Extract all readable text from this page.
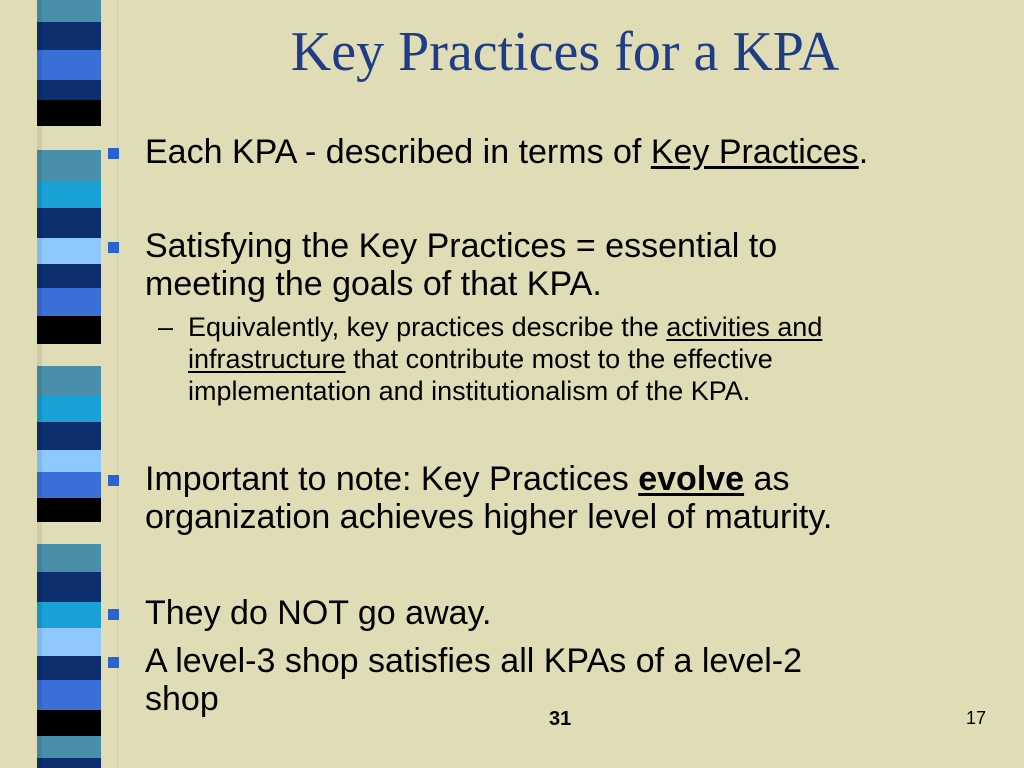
Key Practices for a KPA
Each KPA - described in terms of Key Practices.
Satisfying the Key Practices = essential to
meeting the goals of that KPA.
– Equivalently, key practices describe the activities and
infrastructure that contribute most to the effective
implementation and institutionalism of the KPA.
Important to note: Key Practices evolve as
organization achieves higher level of maturity.
They do NOT go away.
A level-3 shop satisfies all KPAs of a level-2
shop
31	17
